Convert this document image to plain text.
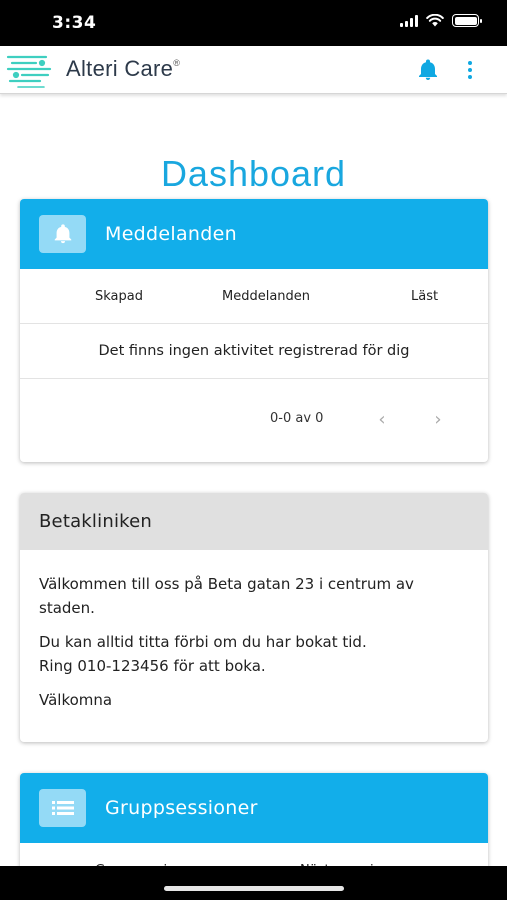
3:34
Alteri Care®
Dashboard
Meddelanden
Skapad	Meddelanden	Läst
Det finns ingen aktivitet registrerad för dig
0-0 av 0	‹	›
Betakliniken

Välkommen till oss på Beta gatan 23 i centrum av staden.

Du kan alltid titta förbi om du har bokat tid.

Ring 010-123456 för att boka.

Välkomna

Gruppsessioner
